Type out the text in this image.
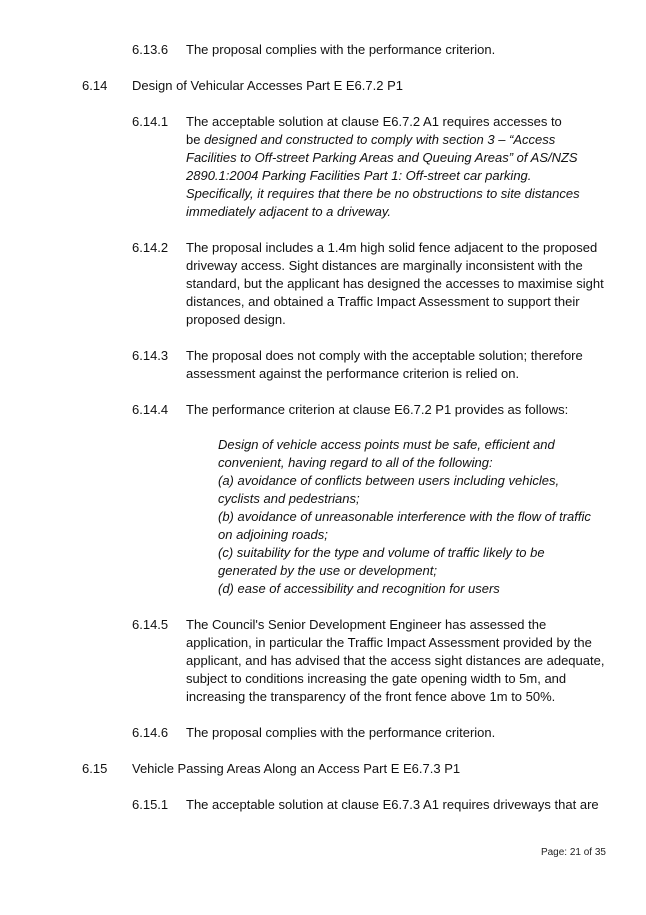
6.13.6 The proposal complies with the performance criterion.
6.14 Design of Vehicular Accesses Part E E6.7.2 P1
6.14.1 The acceptable solution at clause E6.7.2 A1 requires accesses to
be designed and constructed to comply with section 3 – “Access
Facilities to Off-street Parking Areas and Queuing Areas” of AS/NZS
2890.1:2004 Parking Facilities Part 1: Off-street car parking.
Specifically, it requires that there be no obstructions to site distances
immediately adjacent to a driveway.
6.14.2 The proposal includes a 1.4m high solid fence adjacent to the proposed
driveway access. Sight distances are marginally inconsistent with the
standard, but the applicant has designed the accesses to maximise sight
distances, and obtained a Traffic Impact Assessment to support their
proposed design.
6.14.3 The proposal does not comply with the acceptable solution; therefore
assessment against the performance criterion is relied on.
6.14.4 The performance criterion at clause E6.7.2 P1 provides as follows:
Design of vehicle access points must be safe, efficient and
convenient, having regard to all of the following:
(a) avoidance of conflicts between users including vehicles,
cyclists and pedestrians;
(b) avoidance of unreasonable interference with the flow of traffic
on adjoining roads;
(c) suitability for the type and volume of traffic likely to be
generated by the use or development;
(d) ease of accessibility and recognition for users
6.14.5 The Council's Senior Development Engineer has assessed the
application, in particular the Traffic Impact Assessment provided by the
applicant, and has advised that the access sight distances are adequate,
subject to conditions increasing the gate opening width to 5m, and
increasing the transparency of the front fence above 1m to 50%.
6.14.6 The proposal complies with the performance criterion.
6.15 Vehicle Passing Areas Along an Access Part E E6.7.3 P1
6.15.1 The acceptable solution at clause E6.7.3 A1 requires driveways that are
Page: 21 of 35
